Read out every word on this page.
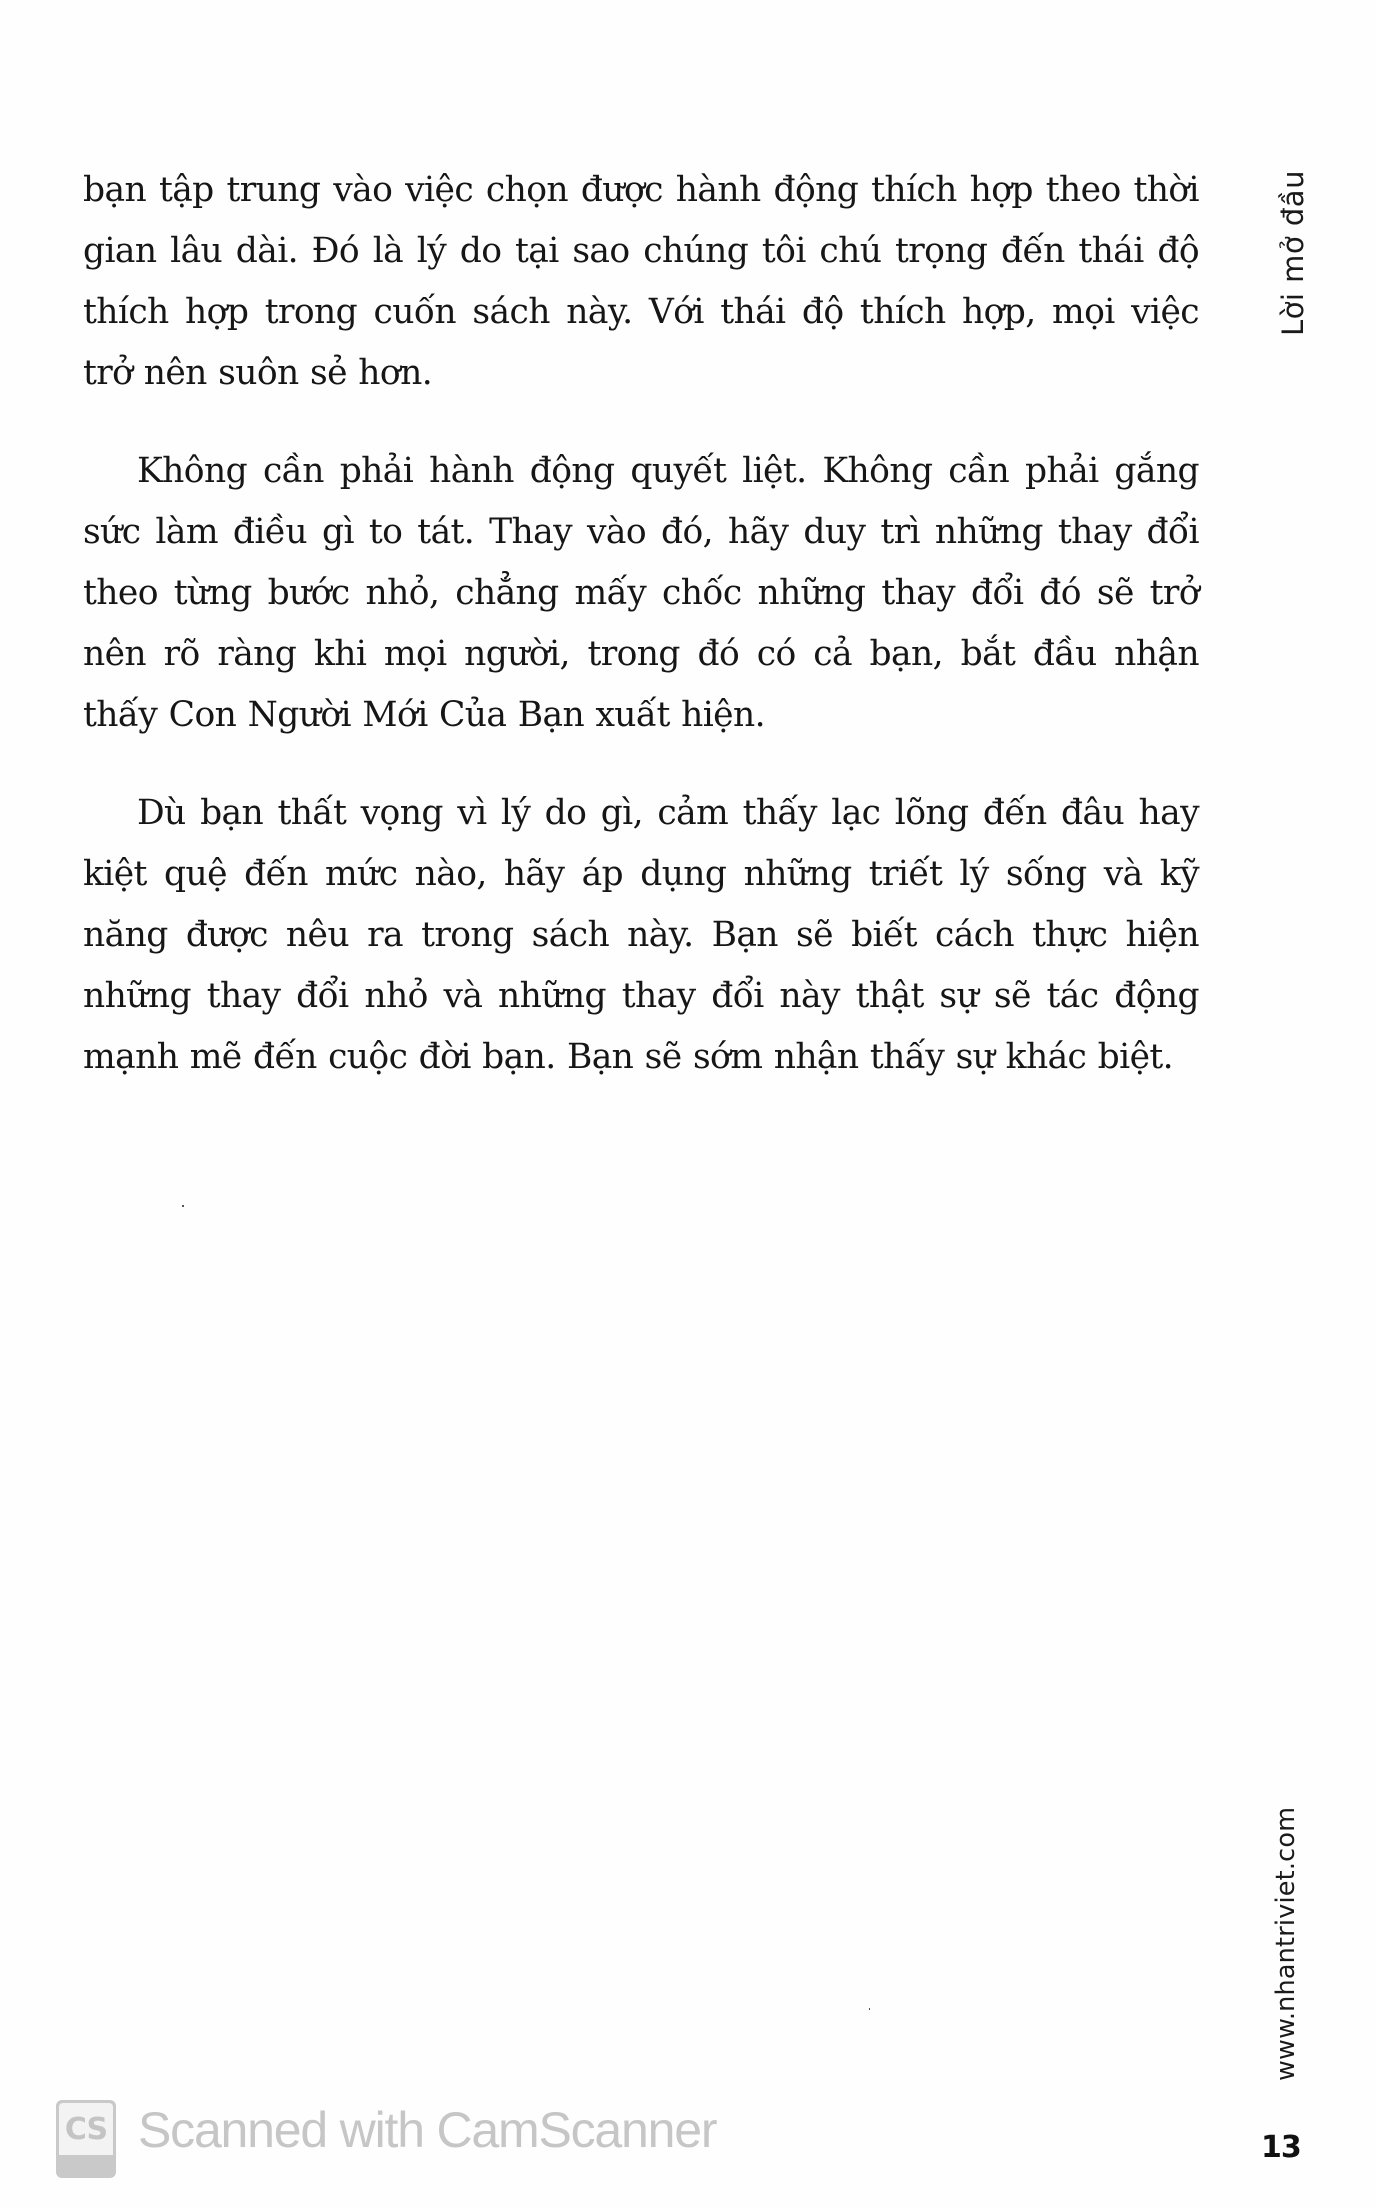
bạn tập trung vào việc chọn được hành động thích hợp theo thời gian lâu dài. Đó là lý do tại sao chúng tôi chú trọng đến thái độ thích hợp trong cuốn sách này. Với thái độ thích hợp, mọi việc trở nên suôn sẻ hơn.

Không cần phải hành động quyết liệt. Không cần phải gắng sức làm điều gì to tát. Thay vào đó, hãy duy trì những thay đổi theo từng bước nhỏ, chẳng mấy chốc những thay đổi đó sẽ trở nên rõ ràng khi mọi người, trong đó có cả bạn, bắt đầu nhận thấy Con Người Mới Của Bạn xuất hiện.

Dù bạn thất vọng vì lý do gì, cảm thấy lạc lõng đến đâu hay kiệt quệ đến mức nào, hãy áp dụng những triết lý sống và kỹ năng được nêu ra trong sách này. Bạn sẽ biết cách thực hiện những thay đổi nhỏ và những thay đổi này thật sự sẽ tác động mạnh mẽ đến cuộc đời bạn. Bạn sẽ sớm nhận thấy sự khác biệt.

Lời mở đầu
www.nhantriviet.com
13
CS Scanned with CamScanner
